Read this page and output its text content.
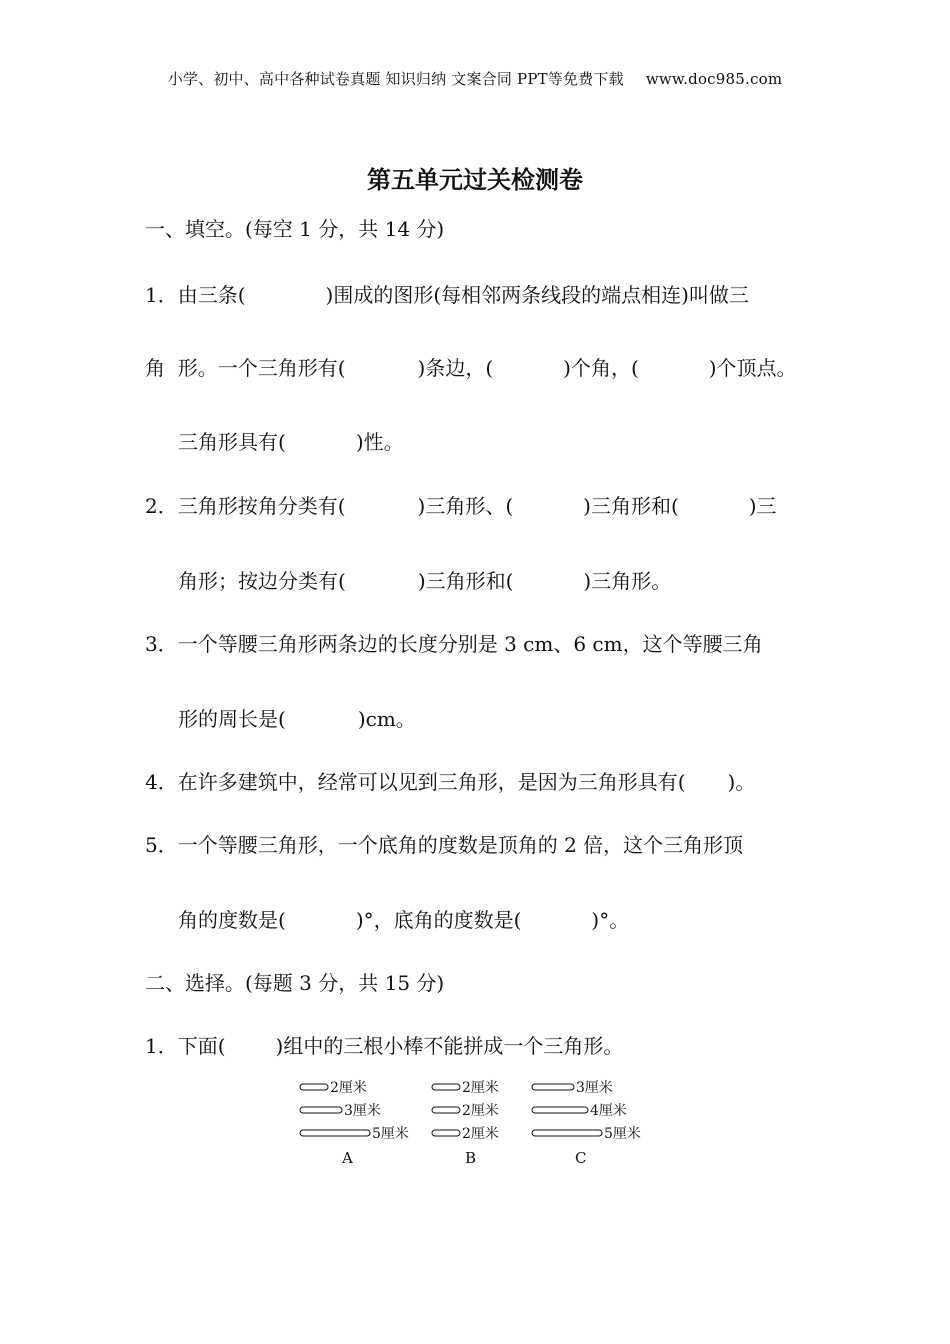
小学、初中、高中各种试卷真题 知识归纳 文案合同 PPT等免费下载 www.doc985.com
第五单元过关检测卷
一、填空。(每空 1 分，共 14 分)
1．由三条(	)围成的图形(每相邻两条线段的端点相连)叫做三
角  形。一个三角形有(	)条边，(	)个角，(	)个顶点。
三角形具有(	)性。
2．三角形按角分类有(	)三角形、(	)三角形和(	)三
角形；按边分类有(	)三角形和(	)三角形。
3．一个等腰三角形两条边的长度分别是 3 cm、6 cm，这个等腰三角
形的周长是(	)cm。
4．在许多建筑中，经常可以见到三角形，是因为三角形具有( )。
5．一个等腰三角形，一个底角的度数是顶角的 2 倍，这个三角形顶
角的度数是(	)°，底角的度数是(	)°。
二、选择。(每题 3 分，共 15 分)
1．下面(	)组中的三根小棒不能拼成一个三角形。
2厘米
3厘米
5厘米
A
2厘米
2厘米
2厘米
B
3厘米
4厘米
5厘米
C
